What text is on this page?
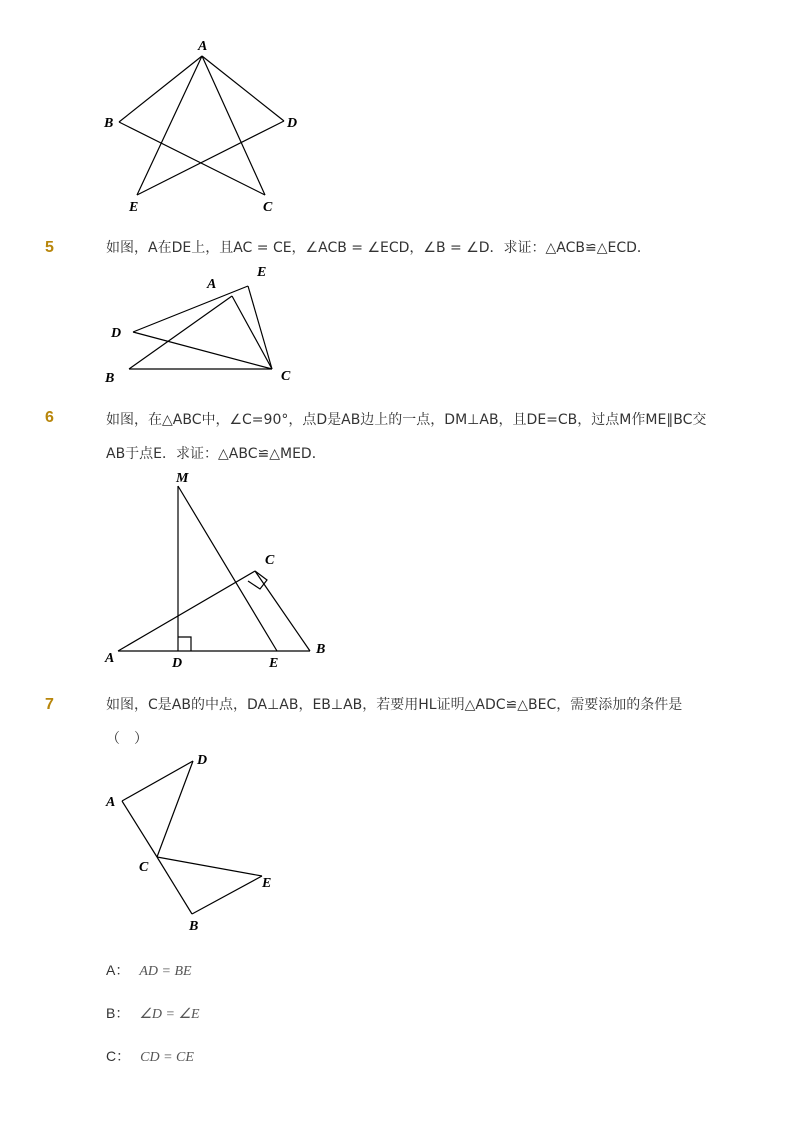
A
B	D
E	C
5	如图，A在DE上，且AC = CE，∠ACB = ∠ECD，∠B = ∠D．求证：△ACB≌△ECD．
A
E
D
B	C
6	如图，在△ABC中，∠C=90°，点D是AB边上的一点，DM⊥AB，且DE=CB，过点M作ME∥BC交
AB于点E．求证：△ABC≌△MED．
M
C
A	D	E
B
7	如图，C是AB的中点，DA⊥AB，EB⊥AB，若要用HL证明△ADC≌△BEC，需要添加的条件是
（　）
A
D
C
E
B
A： AD = BE
B： ∠D = ∠E
C： CD = CE
